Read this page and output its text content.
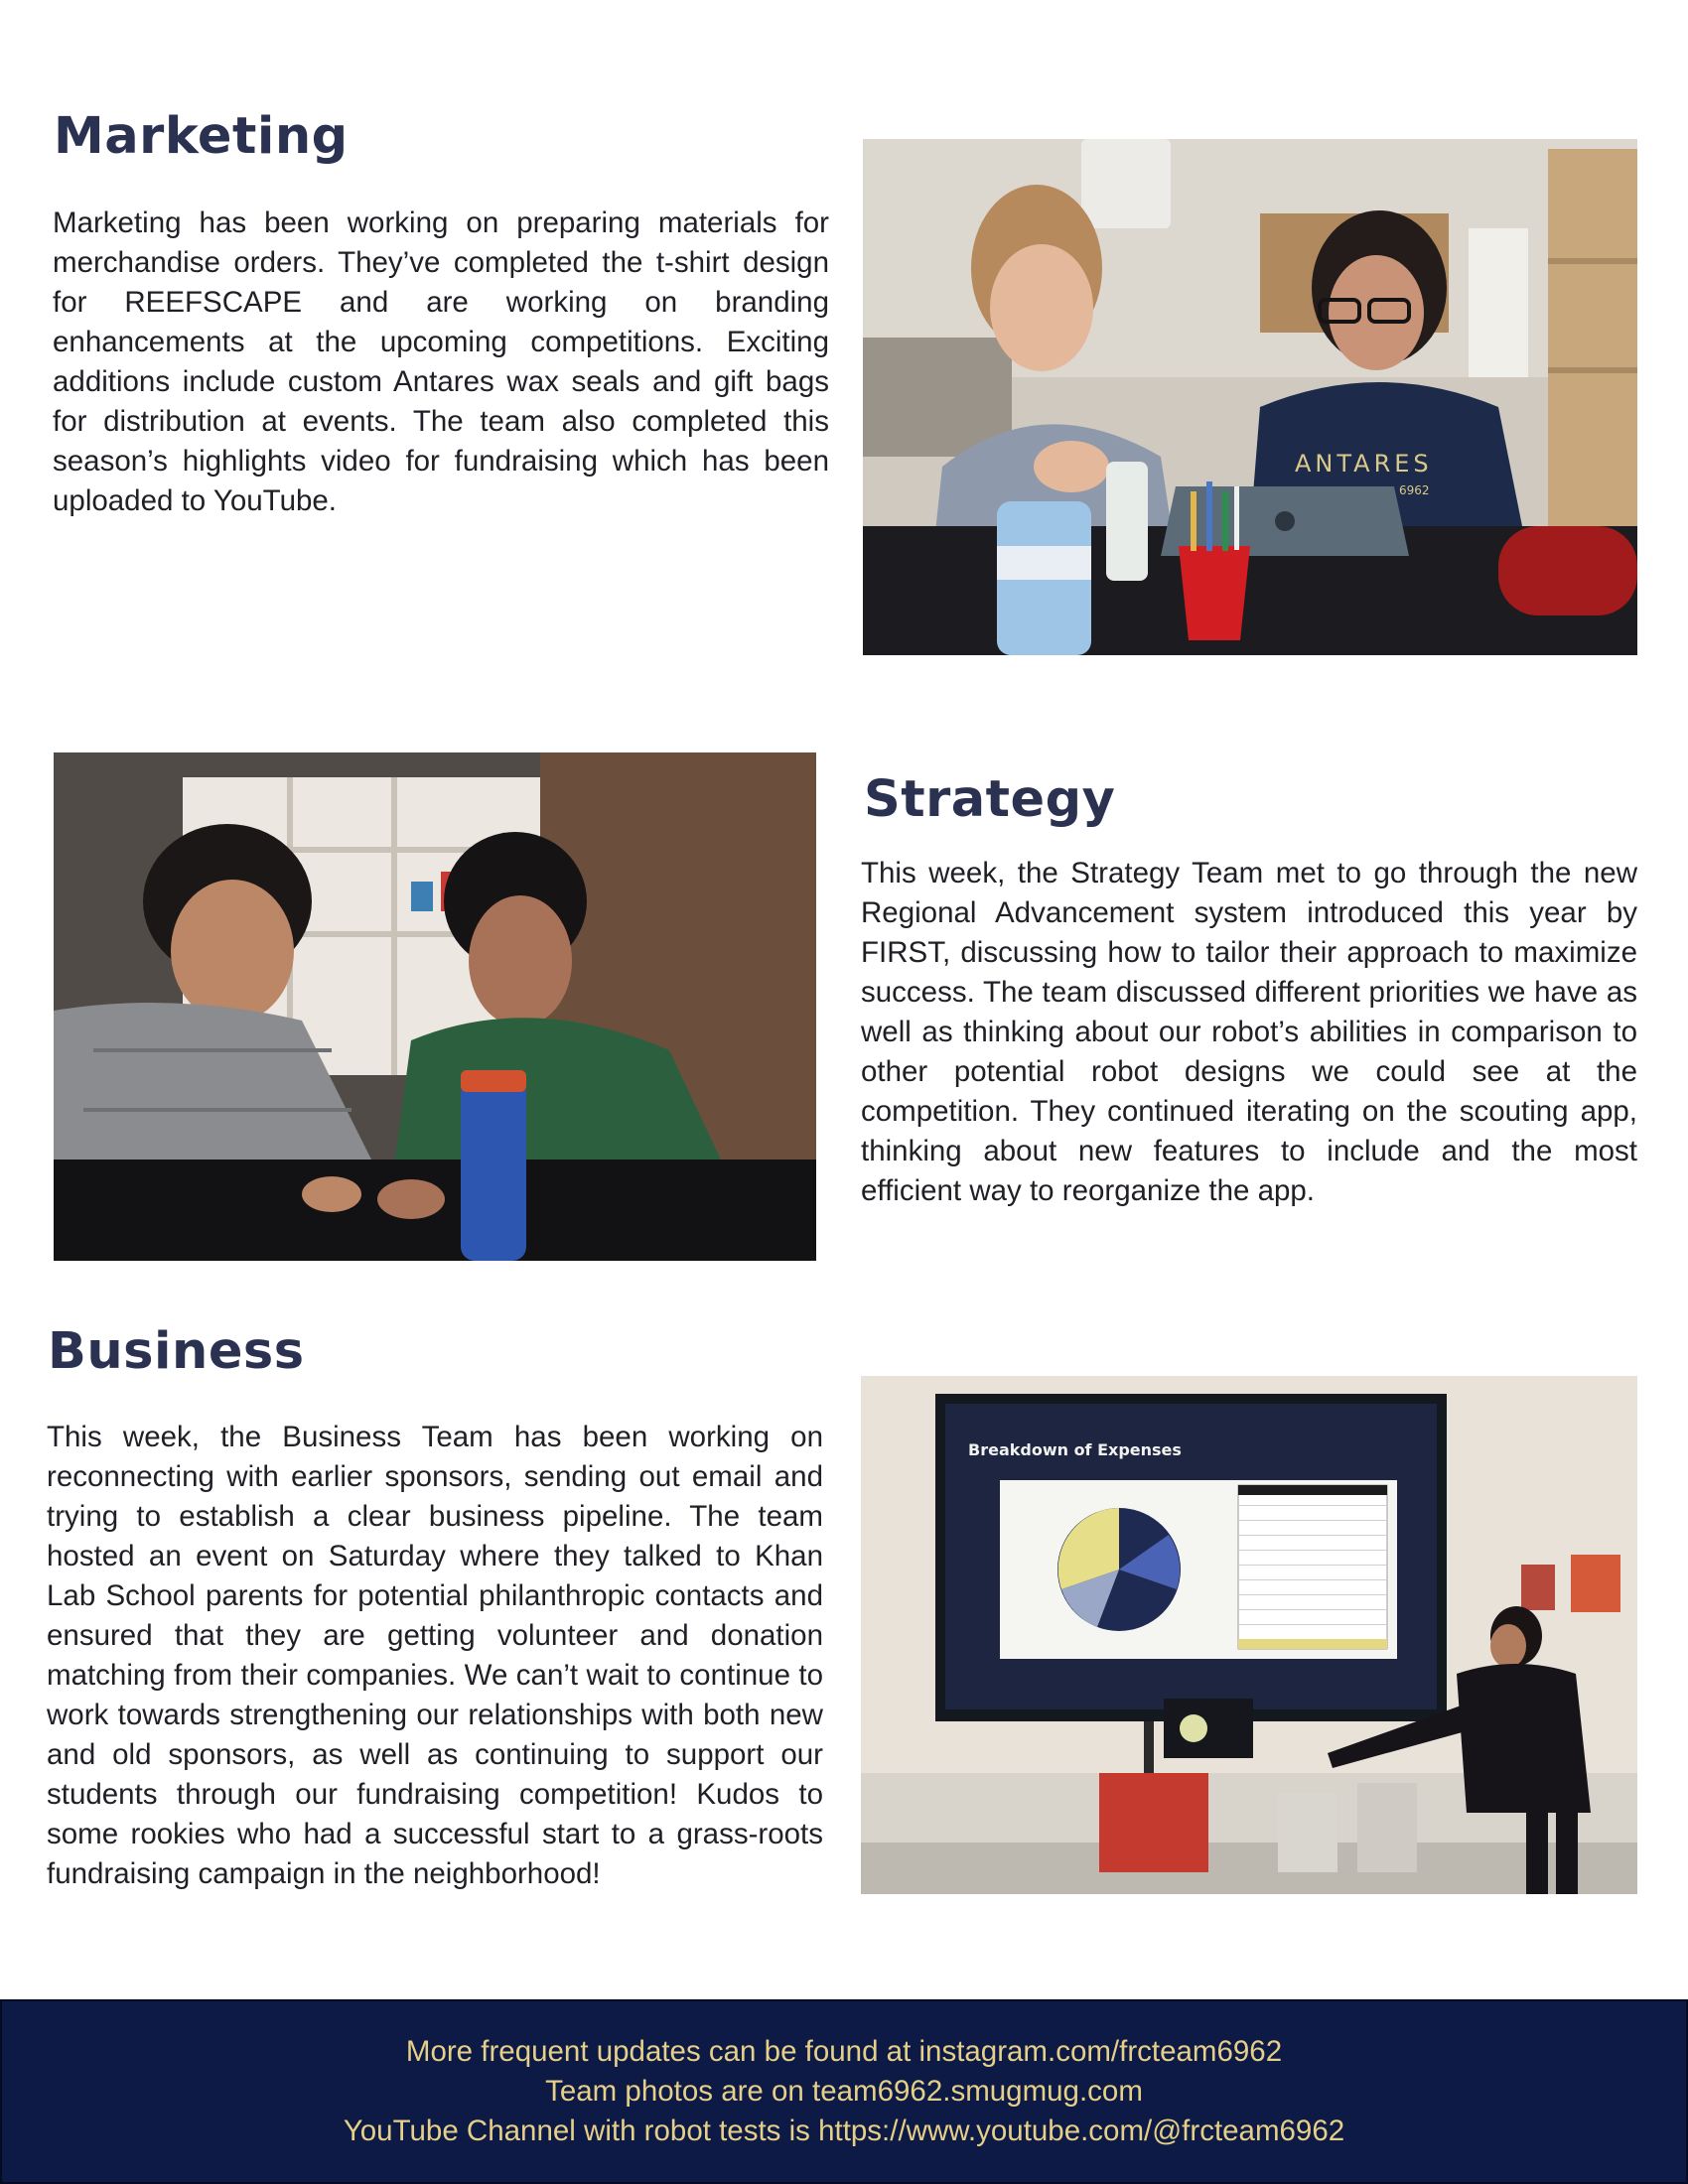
Marketing

Marketing has been working on preparing materials for merchandise orders. They’ve completed the t-shirt design for REEFSCAPE and are working on branding enhancements at the upcoming competitions. Exciting additions include custom Antares wax seals and gift bags for distribution at events. The team also completed this season’s highlights video for fundraising which has been uploaded to YouTube.

ANTARES
6962
Strategy

This week, the Strategy Team met to go through the new Regional Advancement system introduced this year by FIRST, discussing how to tailor their approach to maximize success. The team discussed different priorities we have as well as thinking about our robot’s abilities in comparison to other potential robot designs we could see at the competition. They continued iterating on the scouting app, thinking about new features to include and the most efficient way to reorganize the app.

Business

This week, the Business Team has been working on reconnecting with earlier sponsors, sending out email and trying to establish a clear business pipeline. The team hosted an event on Saturday where they talked to Khan Lab School parents for potential philanthropic contacts and ensured that they are getting volunteer and donation matching from their companies. We can’t wait to continue to work towards strengthening our relationships with both new and old sponsors, as well as continuing to support our students through our fundraising competition! Kudos to some rookies who had a successful start to a grass-roots fundraising campaign in the neighborhood!

Breakdown of Expenses
More frequent updates can be found at instagram.com/frcteam6962
Team photos are on team6962.smugmug.com
YouTube Channel with robot tests is https://www.youtube.com/@frcteam6962
